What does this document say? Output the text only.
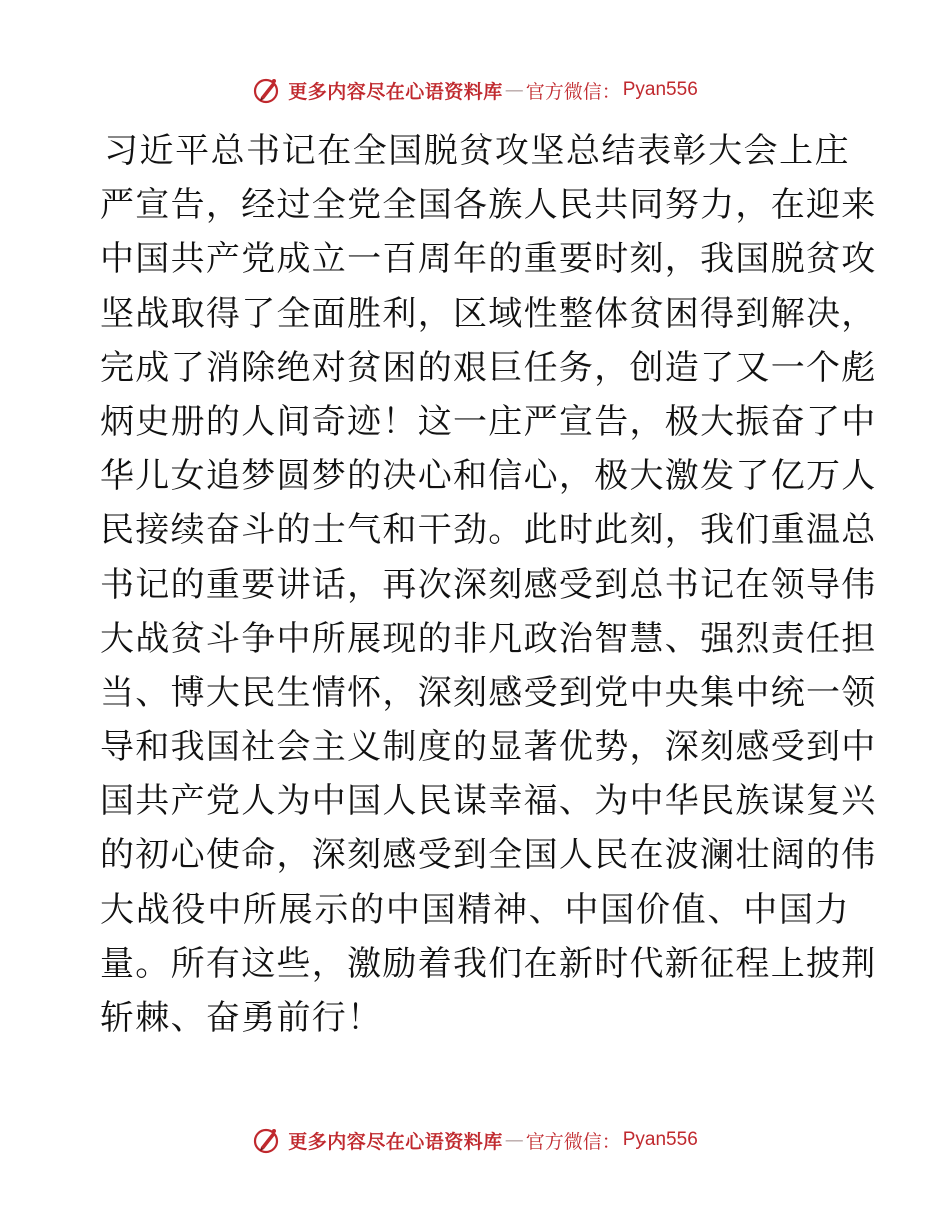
更多内容尽在心语资料库 — 官方微信： Pyan556
习近平总书记在全国脱贫攻坚总结表彰大会上庄
严宣告，经过全党全国各族人民共同努力，在迎来
中国共产党成立一百周年的重要时刻，我国脱贫攻
坚战取得了全面胜利，区域性整体贫困得到解决，
完成了消除绝对贫困的艰巨任务，创造了又一个彪
炳史册的人间奇迹！这一庄严宣告，极大振奋了中
华儿女追梦圆梦的决心和信心，极大激发了亿万人
民接续奋斗的士气和干劲。此时此刻，我们重温总
书记的重要讲话，再次深刻感受到总书记在领导伟
大战贫斗争中所展现的非凡政治智慧、强烈责任担
当、博大民生情怀，深刻感受到党中央集中统一领
导和我国社会主义制度的显著优势，深刻感受到中
国共产党人为中国人民谋幸福、为中华民族谋复兴
的初心使命，深刻感受到全国人民在波澜壮阔的伟
大战役中所展示的中国精神、中国价值、中国力
量。所有这些，激励着我们在新时代新征程上披荆
斩棘、奋勇前行！
更多内容尽在心语资料库 — 官方微信： Pyan556
